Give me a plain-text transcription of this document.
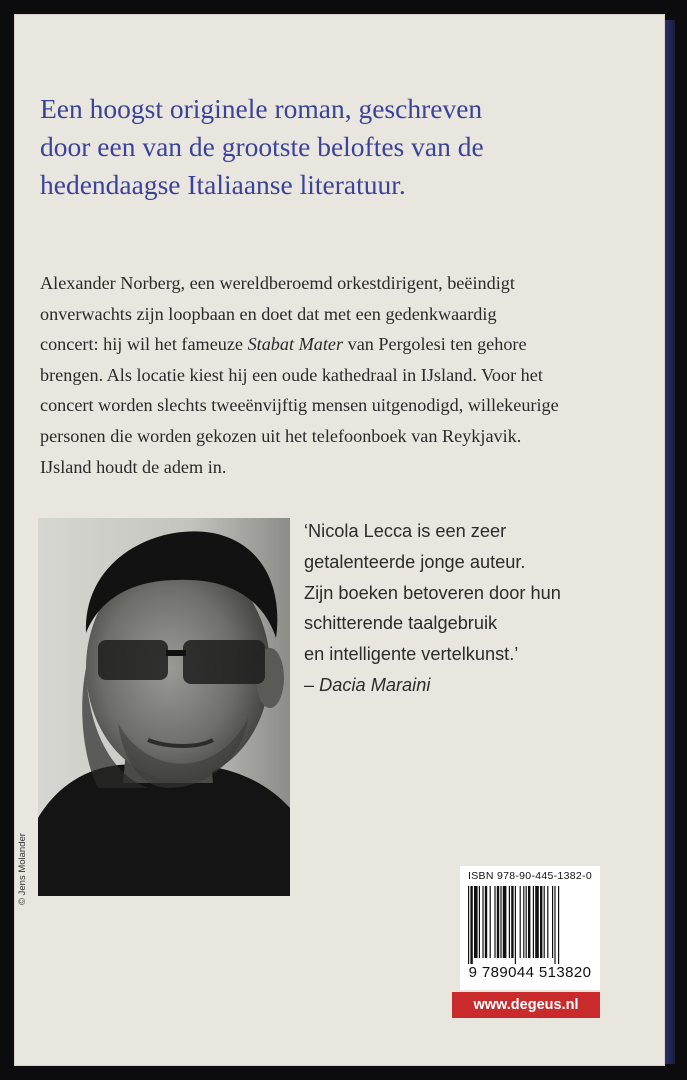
Een hoogst originele roman, geschreven
door een van de grootste beloftes van de
hedendaagse Italiaanse literatuur.
Alexander Norberg, een wereldberoemd orkestdirigent, beëindigt
onverwachts zijn loopbaan en doet dat met een gedenkwaardig
concert: hij wil het fameuze Stabat Mater van Pergolesi ten gehore
brengen. Als locatie kiest hij een oude kathedraal in IJsland. Voor het
concert worden slechts tweeënvijftig mensen uitgenodigd, willekeurige
personen die worden gekozen uit het telefoonboek van Reykjavik.
IJsland houdt de adem in.
© Jens Molander
‘Nicola Lecca is een zeer
getalenteerde jonge auteur.
Zijn boeken betoveren door hun
schitterende taalgebruik
en intelligente vertelkunst.’
– Dacia Maraini
ISBN 978-90-445-1382-0
9 789044 513820
www.degeus.nl
